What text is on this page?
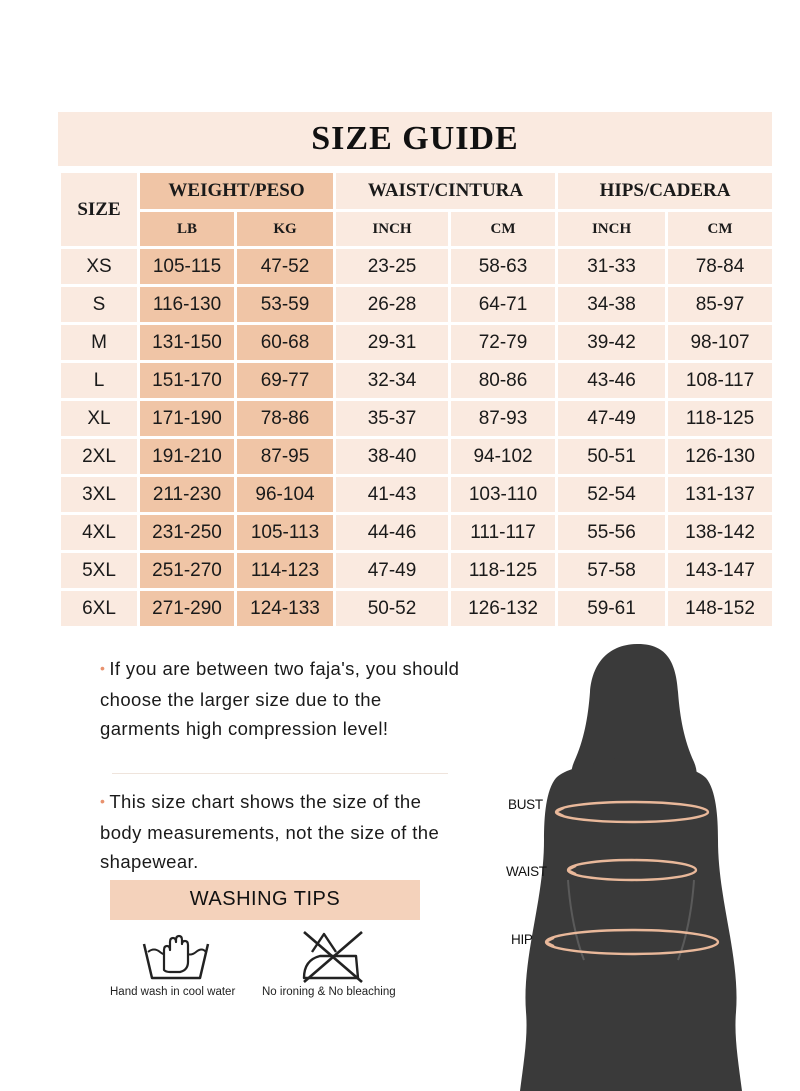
SIZE GUIDE
SIZE	WEIGHT/PESO		WAIST/CINTURA		HIPS/CADERA	
	LB	KG	INCH	CM	INCH	CM
XS	105-115	47-52	23-25	58-63	31-33	78-84
S	116-130	53-59	26-28	64-71	34-38	85-97
M	131-150	60-68	29-31	72-79	39-42	98-107
L	151-170	69-77	32-34	80-86	43-46	108-117
XL	171-190	78-86	35-37	87-93	47-49	118-125
2XL	191-210	87-95	38-40	94-102	50-51	126-130
3XL	211-230	96-104	41-43	103-110	52-54	131-137
4XL	231-250	105-113	44-46	111-117	55-56	138-142
5XL	251-270	114-123	47-49	118-125	57-58	143-147
6XL	271-290	124-133	50-52	126-132	59-61	148-152
• If you are between two faja's, you should choose the larger size due to the garments high compression level!
• This size chart shows the size of the body measurements, not the size of the shapewear.
WASHING TIPS
Hand wash in cool water No ironing & No bleaching
BUST
WAIST
HIP
